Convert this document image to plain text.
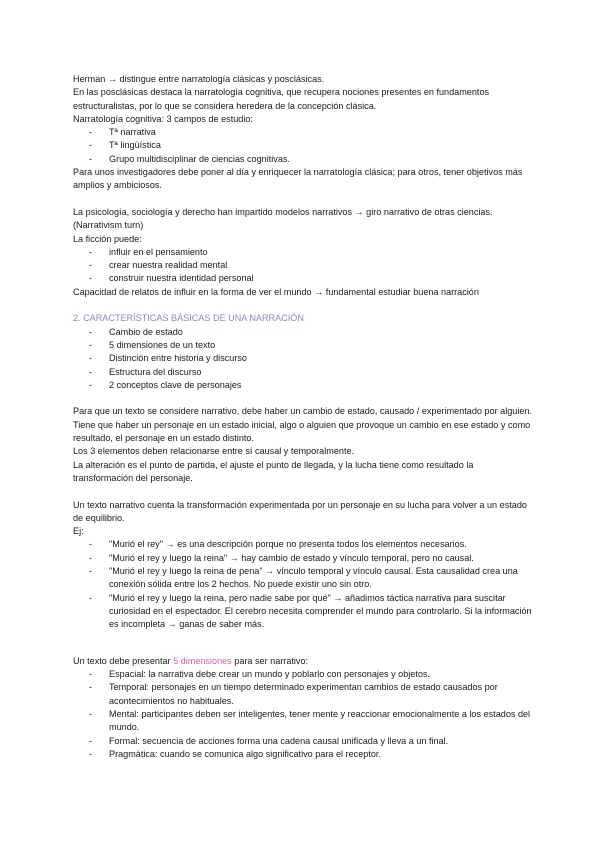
Herman → distingue entre narratología clásicas y posclásicas.

En las posclásicas destaca la narratología cognitiva, que recupera nociones presentes en fundamentos estructuralistas, por lo que se considera heredera de la concepción clásica.

Narratología cognitiva: 3 campos de estudio:

- Tª narrativa
- Tª lingüística
- Grupo multidisciplinar de ciencias cognitivas.

Para unos investigadores debe poner al día y enriquecer la narratología clásica; para otros, tener objetivos más amplios y ambiciosos.

La psicología, sociología y derecho han impartido modelos narrativos → giro narrativo de otras ciencias. (Narrativism turn)

La ficción puede:

- influir en el pensamiento
- crear nuestra realidad mental
- construir nuestra identidad personal

Capacidad de relatos de influir en la forma de ver el mundo → fundamental estudiar buena narración

2. CARACTERÍSTICAS BÁSICAS DE UNA NARRACIÓN

- Cambio de estado
- 5 dimensiones de un texto
- Distinción entre historia y discurso
- Estructura del discurso
- 2 conceptos clave de personajes

Para que un texto se considere narrativo, debe haber un cambio de estado, causado / experimentado por alguien. Tiene que haber un personaje en un estado inicial, algo o alguien que provoque un cambio en ese estado y como resultado, el personaje en un estado distinto.

Los 3 elementos deben relacionarse entre sí causal y temporalmente.

La alteración es el punto de partida, el ajuste el punto de llegada, y la lucha tiene como resultado la transformación del personaje.

Un texto narrativo cuenta la transformación experimentada por un personaje en su lucha para volver a un estado de equilibrio.

Ej:

- "Murió el rey" → es una descripción porque no presenta todos los elementos necesarios.
- "Murió el rey y luego la reina" → hay cambio de estado y vínculo temporal, pero no causal.
- "Murió el rey y luego la reina de pena" → vínculo temporal y vínculo causal. Esta causalidad crea una conexión sólida entre los 2 hechos. No puede existir uno sin otro.
- "Murió el rey y luego la reina, pero nadie sabe por qué" → añadimos táctica narrativa para suscitar curiosidad en el espectador. El cerebro necesita comprender el mundo para controlarlo. Si la información es incompleta → ganas de saber más.

Un texto debe presentar 5 dimensiones para ser narrativo:

- Espacial: la narrativa debe crear un mundo y poblarlo con personajes y objetos.
- Temporal: personajes en un tiempo determinado experimentan cambios de estado causados por acontecimientos no habituales.
- Mental: participantes deben ser inteligentes, tener mente y reaccionar emocionalmente a los estados del mundo.
- Formal: secuencia de acciones forma una cadena causal unificada y lleva a un final.
- Pragmática: cuando se comunica algo significativo para el receptor.
